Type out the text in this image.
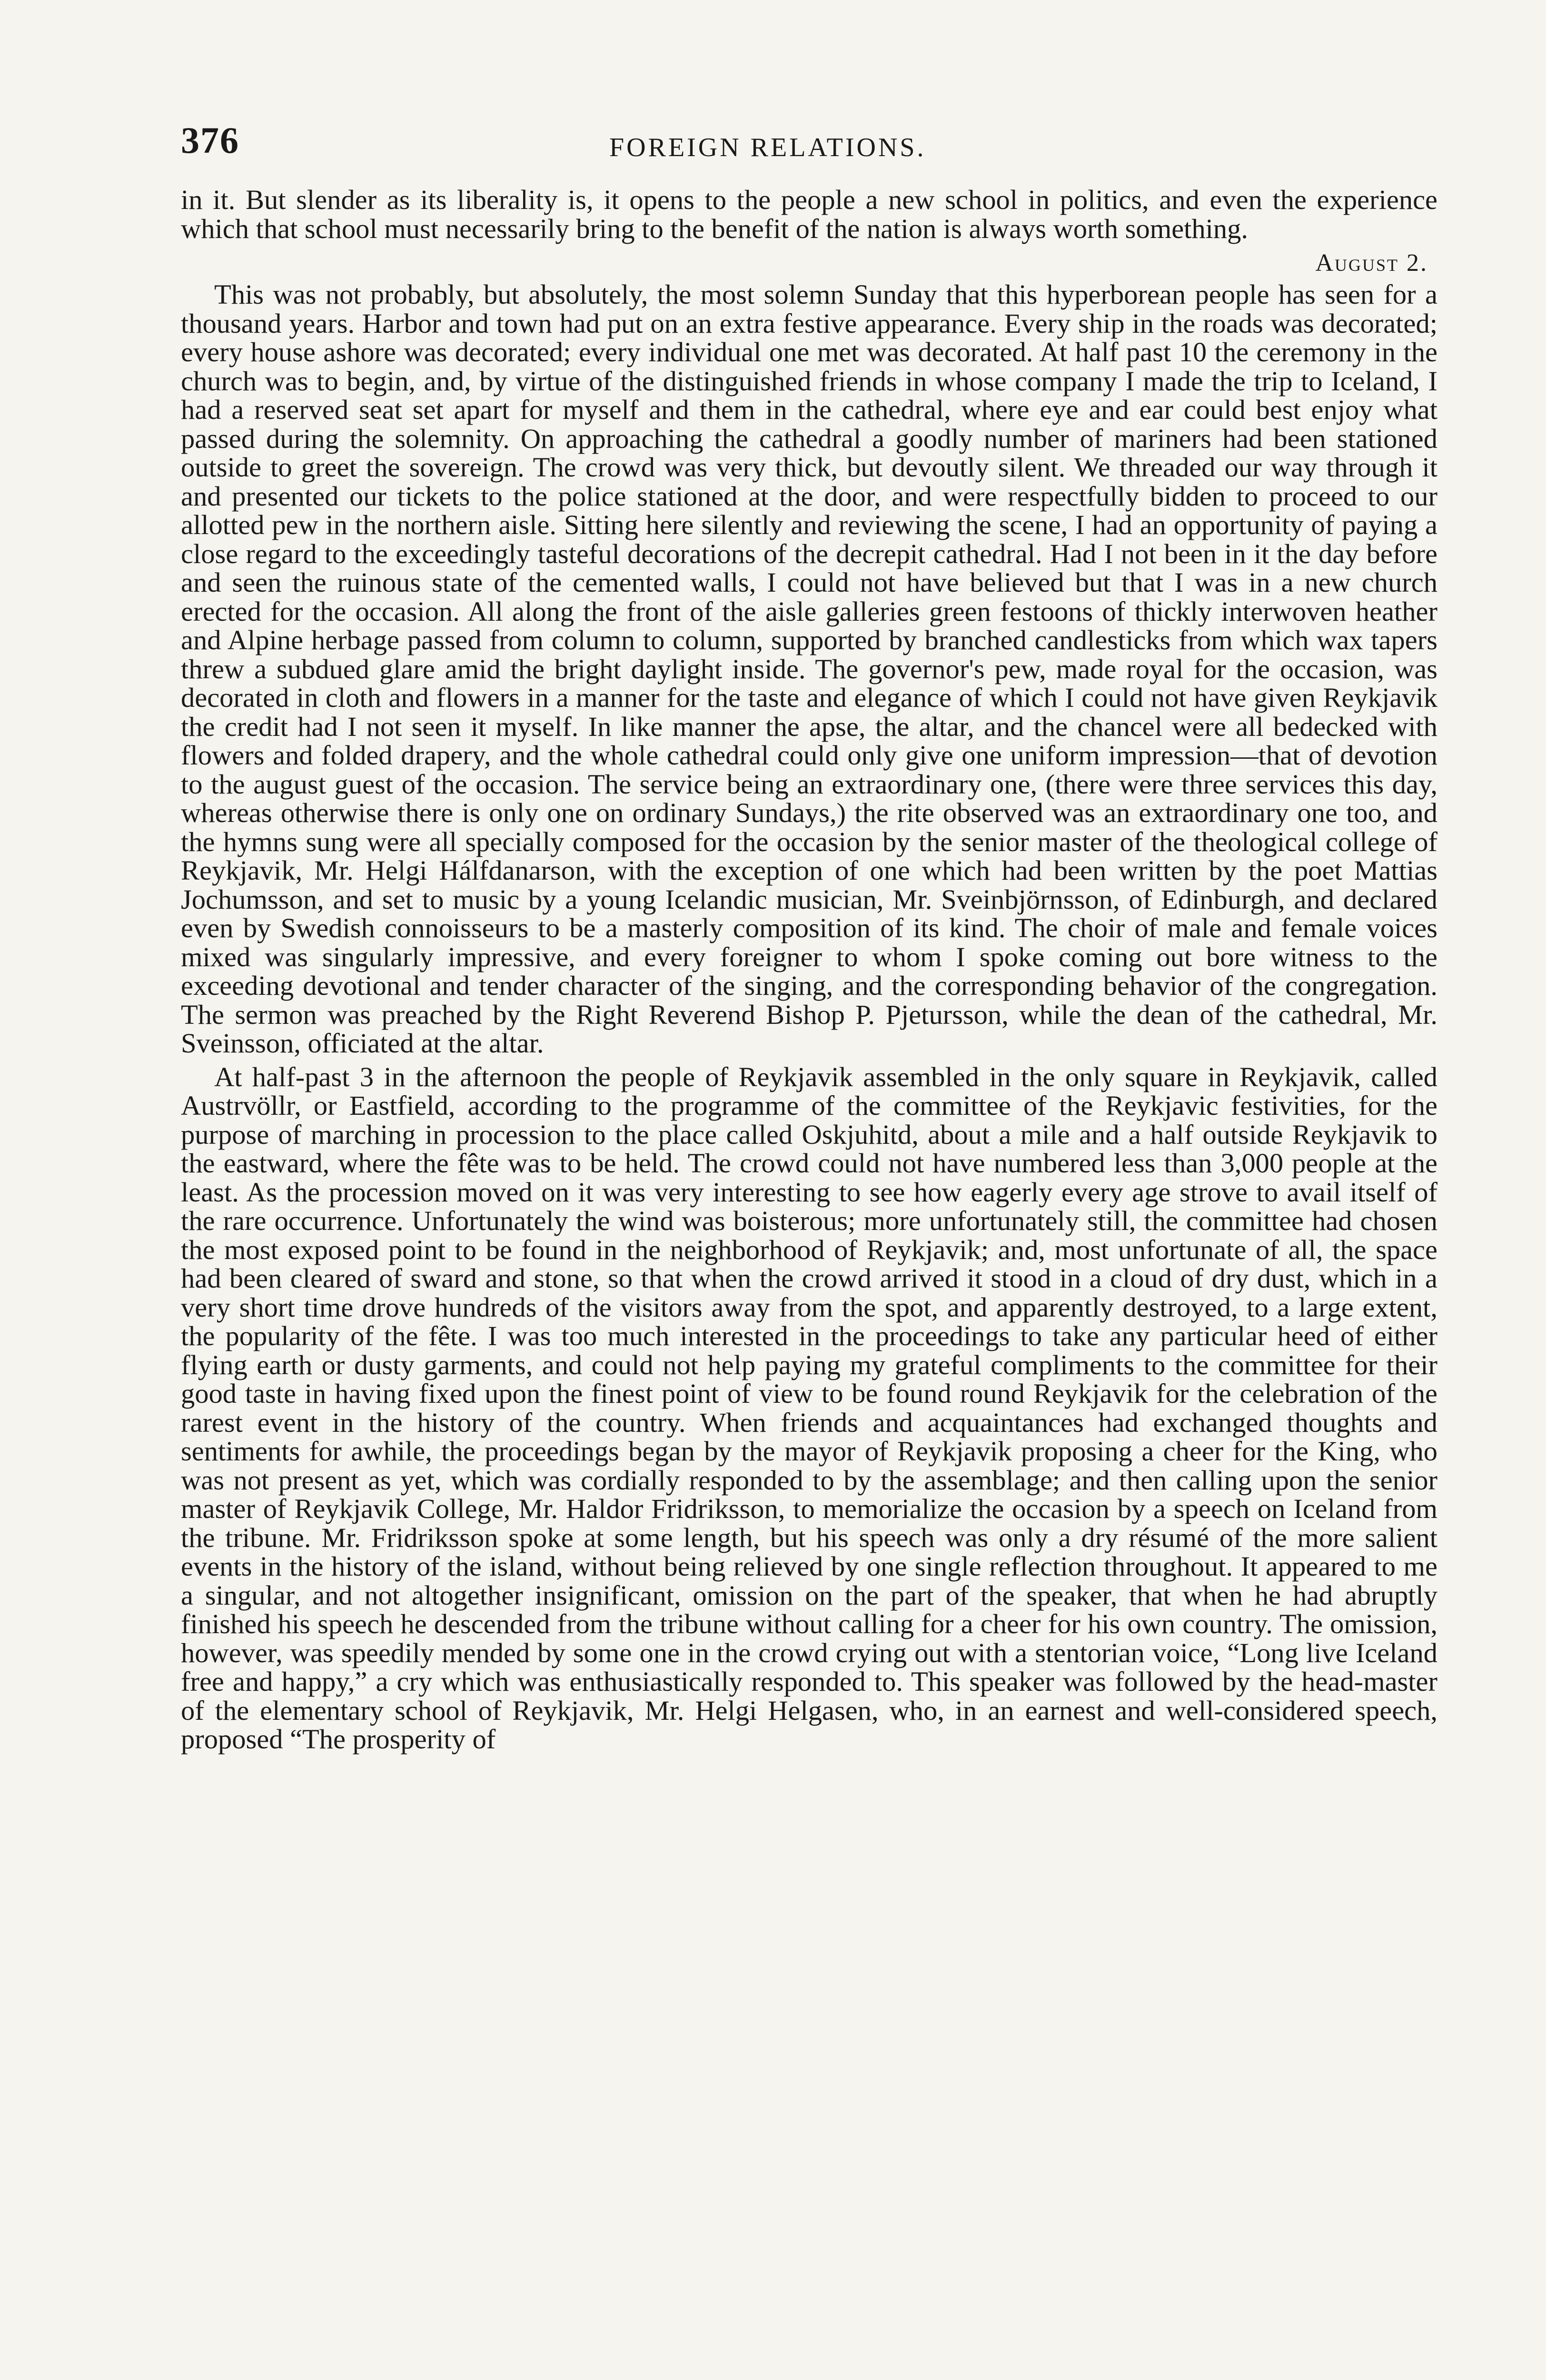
376	FOREIGN RELATIONS.

in it. But slender as its liberality is, it opens to the people a new school in politics, and even the experience which that school must necessarily bring to the benefit of the nation is always worth something.

August 2.

This was not probably, but absolutely, the most solemn Sunday that this hyperborean people has seen for a thousand years. Harbor and town had put on an extra festive appearance. Every ship in the roads was decorated; every house ashore was decorated; every individual one met was decorated. At half past 10 the ceremony in the church was to begin, and, by virtue of the distinguished friends in whose company I made the trip to Iceland, I had a reserved seat set apart for myself and them in the cathedral, where eye and ear could best enjoy what passed during the solemnity. On approaching the cathedral a goodly number of mariners had been stationed outside to greet the sovereign. The crowd was very thick, but devoutly silent. We threaded our way through it and presented our tickets to the police stationed at the door, and were respectfully bidden to proceed to our allotted pew in the northern aisle. Sitting here silently and reviewing the scene, I had an opportunity of paying a close regard to the exceedingly tasteful decorations of the decrepit cathedral. Had I not been in it the day before and seen the ruinous state of the cemented walls, I could not have believed but that I was in a new church erected for the occasion. All along the front of the aisle galleries green festoons of thickly interwoven heather and Alpine herbage passed from column to column, supported by branched candlesticks from which wax tapers threw a subdued glare amid the bright daylight inside. The governor's pew, made royal for the occasion, was decorated in cloth and flowers in a manner for the taste and elegance of which I could not have given Reykjavik the credit had I not seen it myself. In like manner the apse, the altar, and the chancel were all bedecked with flowers and folded drapery, and the whole cathedral could only give one uniform impression—that of devotion to the august guest of the occasion. The service being an extraordinary one, (there were three services this day, whereas otherwise there is only one on ordinary Sundays,) the rite observed was an extraordinary one too, and the hymns sung were all specially composed for the occasion by the senior master of the theological college of Reykjavik, Mr. Helgi Hálfdanarson, with the exception of one which had been written by the poet Mattias Jochumsson, and set to music by a young Icelandic musician, Mr. Sveinbjörnsson, of Edinburgh, and declared even by Swedish connoisseurs to be a masterly composition of its kind. The choir of male and female voices mixed was singularly impressive, and every foreigner to whom I spoke coming out bore witness to the exceeding devotional and tender character of the singing, and the corresponding behavior of the congregation. The sermon was preached by the Right Reverend Bishop P. Pjetursson, while the dean of the cathedral, Mr. Sveinsson, officiated at the altar.

At half-past 3 in the afternoon the people of Reykjavik assembled in the only square in Reykjavik, called Austrvöllr, or Eastfield, according to the programme of the committee of the Reykjavic festivities, for the purpose of marching in procession to the place called Oskjuhitd, about a mile and a half outside Reykjavik to the eastward, where the fête was to be held. The crowd could not have numbered less than 3,000 people at the least. As the procession moved on it was very interesting to see how eagerly every age strove to avail itself of the rare occurrence. Unfortunately the wind was boisterous; more unfortunately still, the committee had chosen the most exposed point to be found in the neighborhood of Reykjavik; and, most unfortunate of all, the space had been cleared of sward and stone, so that when the crowd arrived it stood in a cloud of dry dust, which in a very short time drove hundreds of the visitors away from the spot, and apparently destroyed, to a large extent, the popularity of the fête. I was too much interested in the proceedings to take any particular heed of either flying earth or dusty garments, and could not help paying my grateful compliments to the committee for their good taste in having fixed upon the finest point of view to be found round Reykjavik for the celebration of the rarest event in the history of the country. When friends and acquaintances had exchanged thoughts and sentiments for awhile, the proceedings began by the mayor of Reykjavik proposing a cheer for the King, who was not present as yet, which was cordially responded to by the assemblage; and then calling upon the senior master of Reykjavik College, Mr. Haldor Fridriksson, to memorialize the occasion by a speech on Iceland from the tribune. Mr. Fridriksson spoke at some length, but his speech was only a dry résumé of the more salient events in the history of the island, without being relieved by one single reflection throughout. It appeared to me a singular, and not altogether insignificant, omission on the part of the speaker, that when he had abruptly finished his speech he descended from the tribune without calling for a cheer for his own country. The omission, however, was speedily mended by some one in the crowd crying out with a stentorian voice, “Long live Iceland free and happy,” a cry which was enthusiastically responded to. This speaker was followed by the head-master of the elementary school of Reykjavik, Mr. Helgi Helgasen, who, in an earnest and well-considered speech, proposed “The prosperity of
